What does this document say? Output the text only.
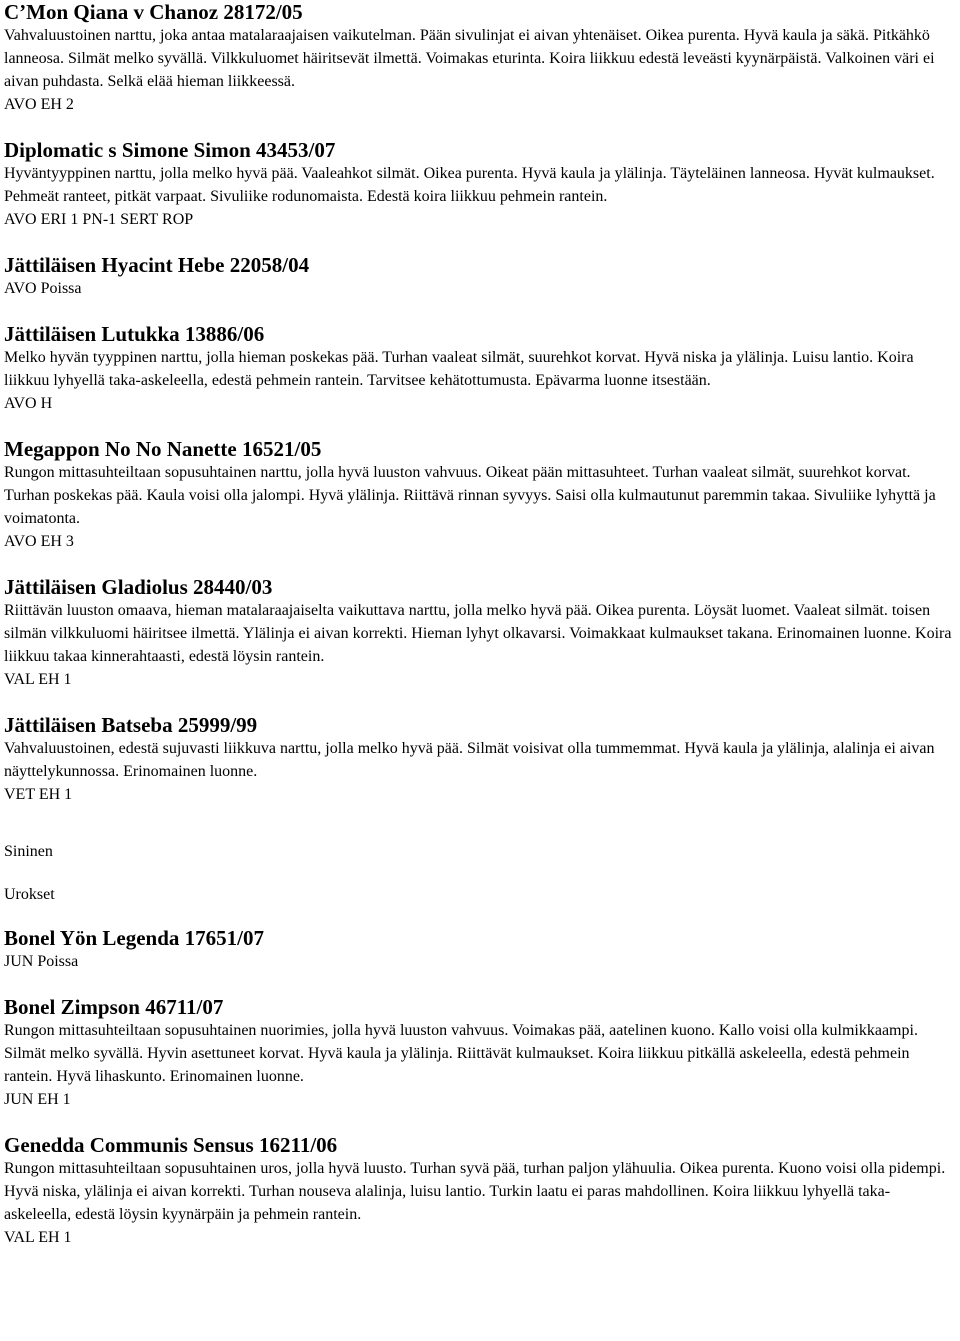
C’Mon Qiana v Chanoz 28172/05
Vahvaluustoinen narttu, joka antaa matalaraajaisen vaikutelman. Pään sivulinjat ei aivan yhtenäiset. Oikea purenta. Hyvä kaula ja säkä. Pitkähkö lanneosa. Silmät melko syvällä. Vilkkuluomet häiritsevät ilmettä. Voimakas eturinta. Koira liikkuu edestä leveästi kyynärpäistä. Valkoinen väri ei aivan puhdasta. Selkä elää hieman liikkeessä.
AVO EH 2
Diplomatic s Simone Simon 43453/07
Hyväntyyppinen narttu, jolla melko hyvä pää. Vaaleahkot silmät. Oikea purenta. Hyvä kaula ja ylälinja. Täyteläinen lanneosa. Hyvät kulmaukset. Pehmeät ranteet, pitkät varpaat. Sivuliike rodunomaista. Edestä koira liikkuu pehmein rantein.
AVO ERI 1 PN-1 SERT ROP
Jättiläisen Hyacint Hebe 22058/04
AVO Poissa
Jättiläisen Lutukka 13886/06
Melko hyvän tyyppinen narttu, jolla hieman poskekas pää. Turhan vaaleat silmät, suurehkot korvat. Hyvä niska ja ylälinja. Luisu lantio. Koira liikkuu lyhyellä taka-askeleella, edestä pehmein rantein. Tarvitsee kehätottumusta. Epävarma luonne itsestään.
AVO H
Megappon No No Nanette 16521/05
Rungon mittasuhteiltaan sopusuhtainen narttu, jolla hyvä luuston vahvuus. Oikeat pään mittasuhteet. Turhan vaaleat silmät, suurehkot korvat. Turhan poskekas pää. Kaula voisi olla jalompi. Hyvä ylälinja. Riittävä rinnan syvyys. Saisi olla kulmautunut paremmin takaa. Sivuliike lyhyttä ja voimatonta.
AVO EH 3
Jättiläisen Gladiolus 28440/03
Riittävän luuston omaava, hieman matalaraajaiselta vaikuttava narttu, jolla melko hyvä pää. Oikea purenta. Löysät luomet. Vaaleat silmät. toisen silmän vilkkuluomi häiritsee ilmettä. Ylälinja ei aivan korrekti. Hieman lyhyt olkavarsi. Voimakkaat kulmaukset takana. Erinomainen luonne. Koira liikkuu takaa kinnerahtaasti, edestä löysin rantein.
VAL EH 1
Jättiläisen Batseba 25999/99
Vahvaluustoinen, edestä sujuvasti liikkuva narttu, jolla melko hyvä pää. Silmät voisivat olla tummemmat. Hyvä kaula ja ylälinja, alalinja ei aivan näyttelykunnossa. Erinomainen luonne.
VET EH 1
Sininen
Urokset
Bonel Yön Legenda 17651/07
JUN Poissa
Bonel Zimpson 46711/07
Rungon mittasuhteiltaan sopusuhtainen nuorimies, jolla hyvä luuston vahvuus. Voimakas pää, aatelinen kuono. Kallo voisi olla kulmikkaampi. Silmät melko syvällä. Hyvin asettuneet korvat. Hyvä kaula ja ylälinja. Riittävät kulmaukset. Koira liikkuu pitkällä askeleella, edestä pehmein rantein. Hyvä lihaskunto. Erinomainen luonne.
JUN EH 1
Genedda Communis Sensus 16211/06
Rungon mittasuhteiltaan sopusuhtainen uros, jolla hyvä luusto. Turhan syvä pää, turhan paljon ylähuulia. Oikea purenta. Kuono voisi olla pidempi. Hyvä niska, ylälinja ei aivan korrekti. Turhan nouseva alalinja, luisu lantio. Turkin laatu ei paras mahdollinen. Koira liikkuu lyhyellä taka-askeleella, edestä löysin kyynärpäin ja pehmein rantein.
VAL EH 1
